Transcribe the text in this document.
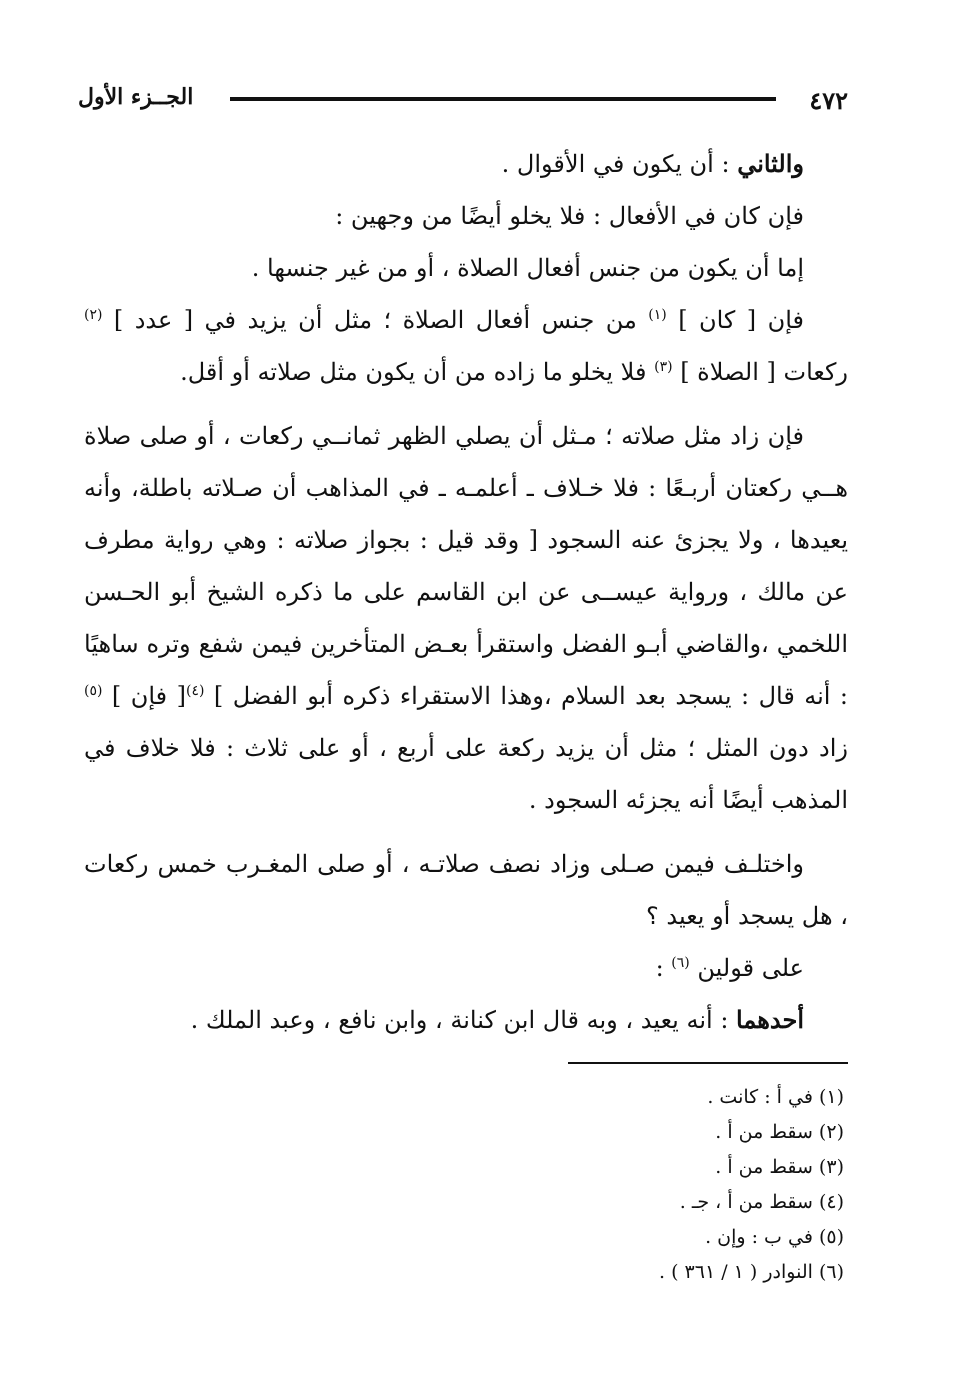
٤٧٢
الجــزء الأول

والثاني : أن يكون في الأقوال .

فإن كان في الأفعال : فلا يخلو أيضًا من وجهين :

إما أن يكون من جنس أفعال الصلاة ، أو من غير جنسها .

فإن [ كان ] $^{(١)}$ من جنس أفعال الصلاة ؛ مثل أن يزيد في [ عدد ] $^{(٢)}$ ركعات [ الصلاة ] $^{(٣)}$ فلا يخلو ما زاده من أن يكون مثل صلاته أو أقل.

فإن زاد مثل صلاته ؛ مـثل أن يصلي الظهر ثمانــي ركعات ، أو صلى صلاة هــي ركعتان أربـعًا : فلا خـلاف ـ أعلمـه ـ في المذاهب أن صـلاته باطلة، وأنه يعيدها ، ولا يجزئ عنه السجود [ وقد قيل : بجواز صلاته : وهي رواية مطرف عن مالك ، ورواية عيســى عن ابن القاسم على ما ذكره الشيخ أبو الحـسن اللخمي ،والقاضي أبـو الفضل واستقرأ بعـض المتأخرين فيمن شفع وتره ساهيًا : أنه قال : يسجد بعد السلام ،وهذا الاستقراء ذكره أبو الفضل ] $^{(٤)}$[ فإن ] $^{(٥)}$ زاد دون المثل ؛ مثل أن يزيد ركعة على أربع ، أو على ثلاث : فلا خلاف في المذهب أيضًا أنه يجزئه السجود .

واختلـف فيمن صـلى وزاد نصف صلاتـه ، أو صلى المغـرب خمس ركعات ، هل يسجد أو يعيد ؟

على قولين $^{(٦)}$ :

أحدهما : أنه يعيد ، وبه قال ابن كنانة ، وابن نافع ، وعبد الملك .

(١) في أ : كانت .
(٢) سقط من أ .
(٣) سقط من أ .
(٤) سقط من أ ، جـ .
(٥) في ب : وإن .
(٦) النوادر ( ١ / ٣٦١ ) .
